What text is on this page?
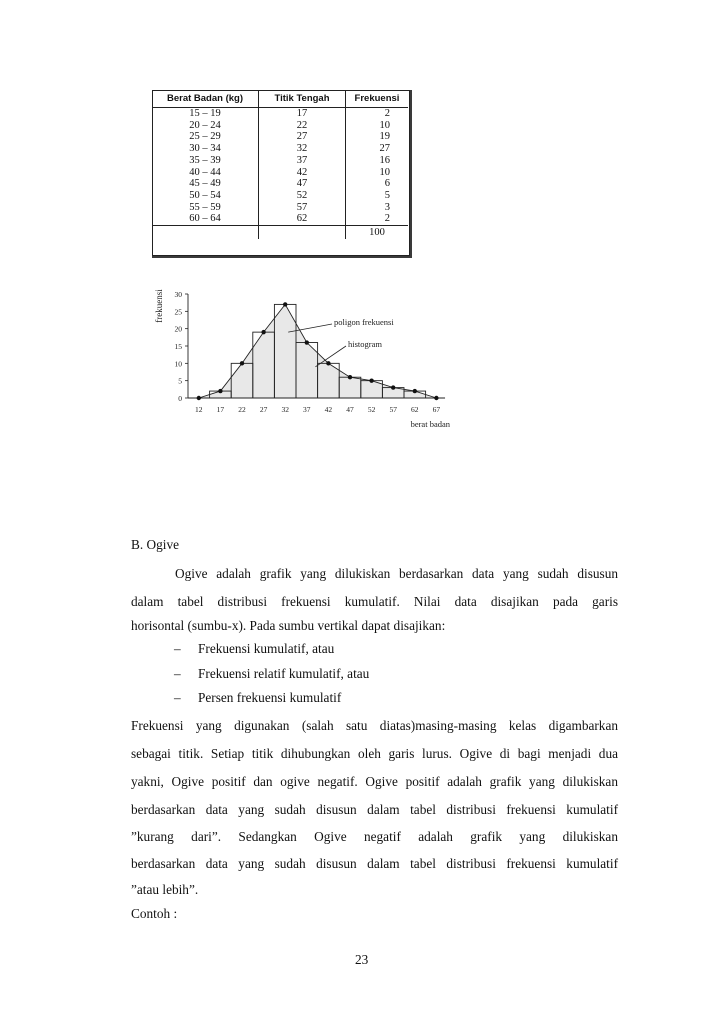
Berat Badan (kg)	Titik Tengah	Frekuensi
15 – 19	17	2
20 – 24	22	10
25 – 29	27	19
30 – 34	32	27
35 – 39	37	16
40 – 44	42	10
45 – 49	47	6
50 – 54	52	5
55 – 59	57	3
60 – 64	62	2
		100
0
5
10
15
20
25
30
12 17 22 27 32 37 42 47 52 57 62 67
frekuensi
berat badan
poligon frekuensi
histogram
B. Ogive
Ogive adalah grafik yang dilukiskan berdasarkan data yang sudah disusun
dalam tabel distribusi frekuensi kumulatif. Nilai data disajikan pada garis
horisontal (sumbu-x). Pada sumbu vertikal dapat disajikan:
– Frekuensi kumulatif, atau
– Frekuensi relatif kumulatif, atau
– Persen frekuensi kumulatif
Frekuensi yang digunakan (salah satu diatas)masing-masing kelas digambarkan
sebagai titik. Setiap titik dihubungkan oleh garis lurus. Ogive di bagi menjadi dua
yakni, Ogive positif dan ogive negatif. Ogive positif adalah grafik yang dilukiskan
berdasarkan data yang sudah disusun dalam tabel distribusi frekuensi kumulatif
”kurang dari”. Sedangkan Ogive negatif adalah grafik yang dilukiskan
berdasarkan data yang sudah disusun dalam tabel distribusi frekuensi kumulatif
”atau lebih”.
Contoh :
23
